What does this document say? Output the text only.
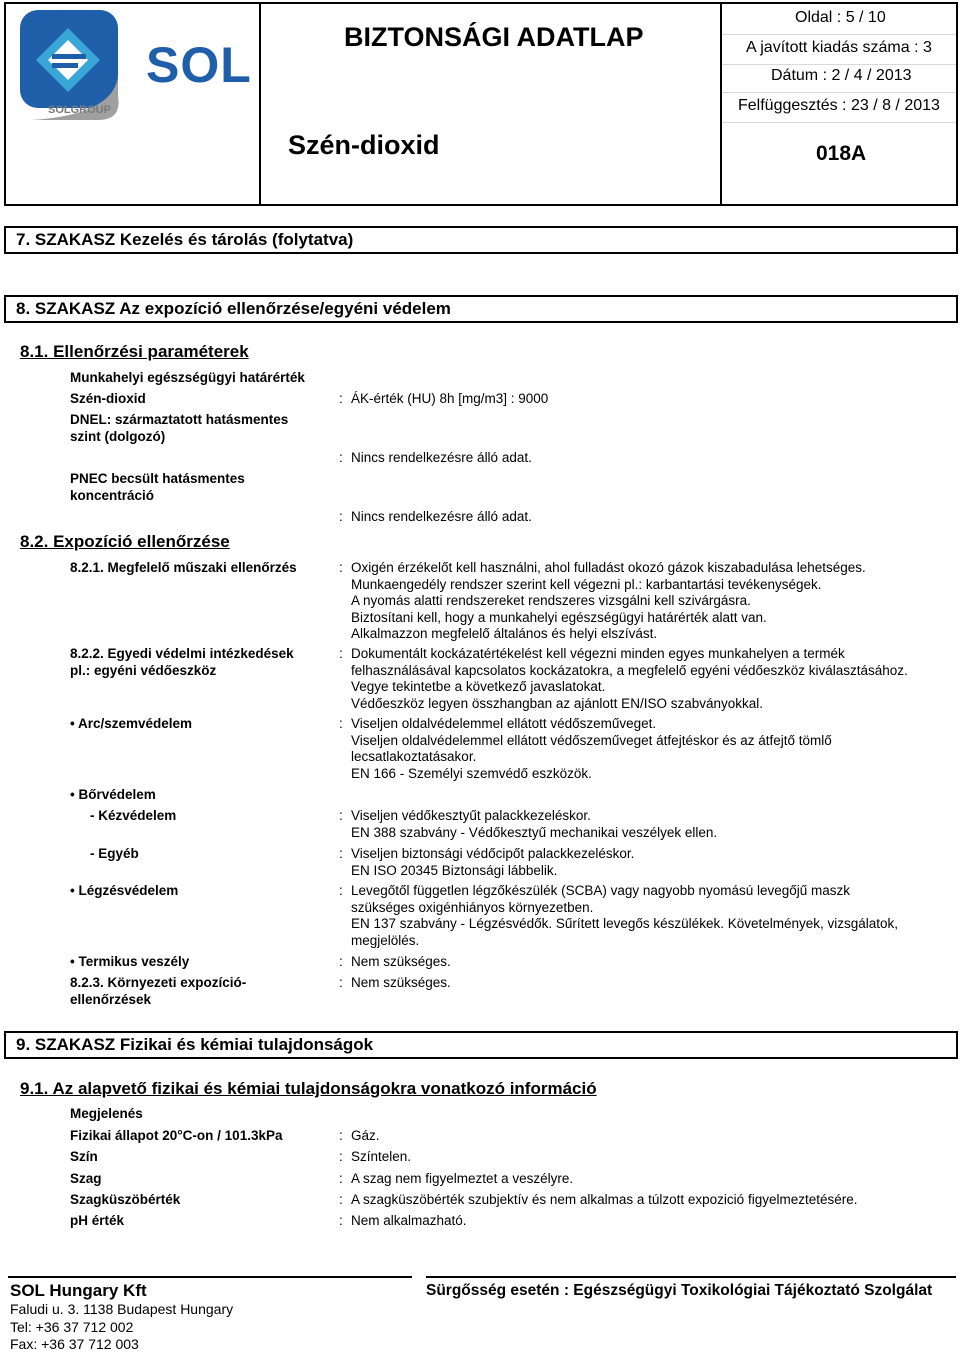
SOL
SOLGROUP
BIZTONSÁGI ADATLAP
Szén-dioxid
Oldal : 5 / 10
A javított kiadás száma : 3
Dátum : 2 / 4 / 2013
Felfüggesztés : 23 / 8 / 2013
018A
7. SZAKASZ Kezelés és tárolás (folytatva)
8. SZAKASZ Az expozíció ellenőrzése/egyéni védelem
8.1. Ellenőrzési paraméterek
Munkahelyi egészségügyi határérték
Szén-dioxid	: ÁK-érték (HU) 8h [mg/m3] : 9000
DNEL: származtatott hatásmentes szint (dolgozó)
: Nincs rendelkezésre álló adat.
PNEC becsült hatásmentes koncentráció
: Nincs rendelkezésre álló adat.
8.2. Expozíció ellenőrzése
8.2.1. Megfelelő műszaki ellenőrzés	: Oxigén érzékelőt kell használni, ahol fulladást okozó gázok kiszabadulása lehetséges.
Munkaengedély rendszer szerint kell végezni pl.: karbantartási tevékenységek.
A nyomás alatti rendszereket rendszeres vizsgálni kell szivárgásra.
Biztosítani kell, hogy a munkahelyi egészségügyi határérték alatt van.
Alkalmazzon megfelelő általános és helyi elszívást.
8.2.2. Egyedi védelmi intézkedések
pl.: egyéni védőeszköz
: Dokumentált kockázatértékelést kell végezni minden egyes munkahelyen a termék
felhasználásával kapcsolatos kockázatokra, a megfelelő egyéni védőeszköz kiválasztásához.
Vegye tekintetbe a következő javaslatokat.
Védőeszköz legyen összhangban az ajánlott EN/ISO szabványokkal.
• Arc/szemvédelem	: Viseljen oldalvédelemmel ellátott védőszeműveget.
Viseljen oldalvédelemmel ellátott védőszeműveget átfejtéskor és az átfejtő tömlő
lecsatlakoztatásakor.
EN 166 - Személyi szemvédő eszközök.
• Bőrvédelem
- Kézvédelem	: Viseljen védőkesztyűt palackkezeléskor.
EN 388 szabvány - Védőkesztyű mechanikai veszélyek ellen.
- Egyéb	: Viseljen biztonsági védőcipőt palackkezeléskor.
EN ISO 20345 Biztonsági lábbelik.
• Légzésvédelem	: Levegőtől független légzőkészülék (SCBA) vagy nagyobb nyomású levegőjű maszk
szükséges oxigénhiányos környezetben.
EN 137 szabvány - Légzésvédők. Sűrített levegős készülékek. Követelmények, vizsgálatok,
megjelölés.
• Termikus veszély	: Nem szükséges.
8.2.3. Környezeti expozíció-
ellenőrzések
: Nem szükséges.
9. SZAKASZ Fizikai és kémiai tulajdonságok
9.1. Az alapvető fizikai és kémiai tulajdonságokra vonatkozó információ
Megjelenés
Fizikai állapot 20°C-on / 101.3kPa	: Gáz.
Szín	: Színtelen.
Szag	: A szag nem figyelmeztet a veszélyre.
Szagküszöbérték	: A szagküszöbérték szubjektív és nem alkalmas a túlzott expozició figyelmeztetésére.
pH érték	: Nem alkalmazható.
SOL Hungary Kft
Faludi u. 3. 1138 Budapest Hungary
Tel: +36 37 712 002
Fax: +36 37 712 003
Sürgősség esetén : Egészségügyi Toxikológiai Tájékoztató Szolgálat
